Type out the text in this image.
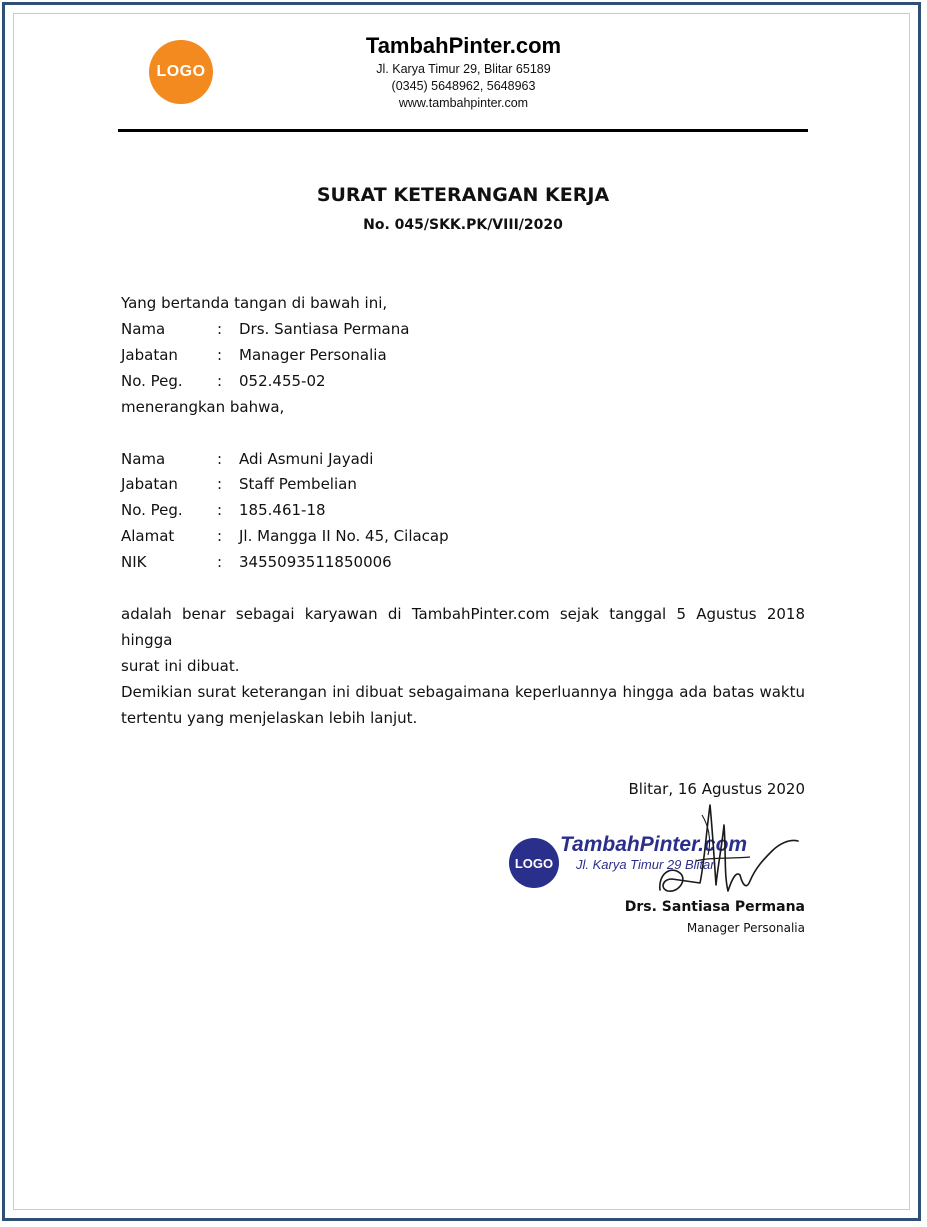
LOGO
TambahPinter.com
Jl. Karya Timur 29, Blitar 65189
(0345) 5648962, 5648963
www.tambahpinter.com
SURAT KETERANGAN KERJA
No. 045/SKK.PK/VIII/2020
Yang bertanda tangan di bawah ini,
Nama	: Drs. Santiasa Permana
Jabatan	: Manager Personalia
No. Peg. : 052.455-02
menerangkan bahwa,
Nama	: Adi Asmuni Jayadi
Jabatan	: Staff Pembelian
No. Peg. : 185.461-18
Alamat	: Jl. Mangga II No. 45, Cilacap
NIK	: 3455093511850006
adalah benar sebagai karyawan di TambahPinter.com sejak tanggal 5 Agustus 2018 hingga
surat ini dibuat.
Demikian surat keterangan ini dibuat sebagaimana keperluannya hingga ada batas waktu
tertentu yang menjelaskan lebih lanjut.
Blitar, 16 Agustus 2020
LOGO
TambahPinter.com
Jl. Karya Timur 29 Blitar
Drs. Santiasa Permana
Manager Personalia
